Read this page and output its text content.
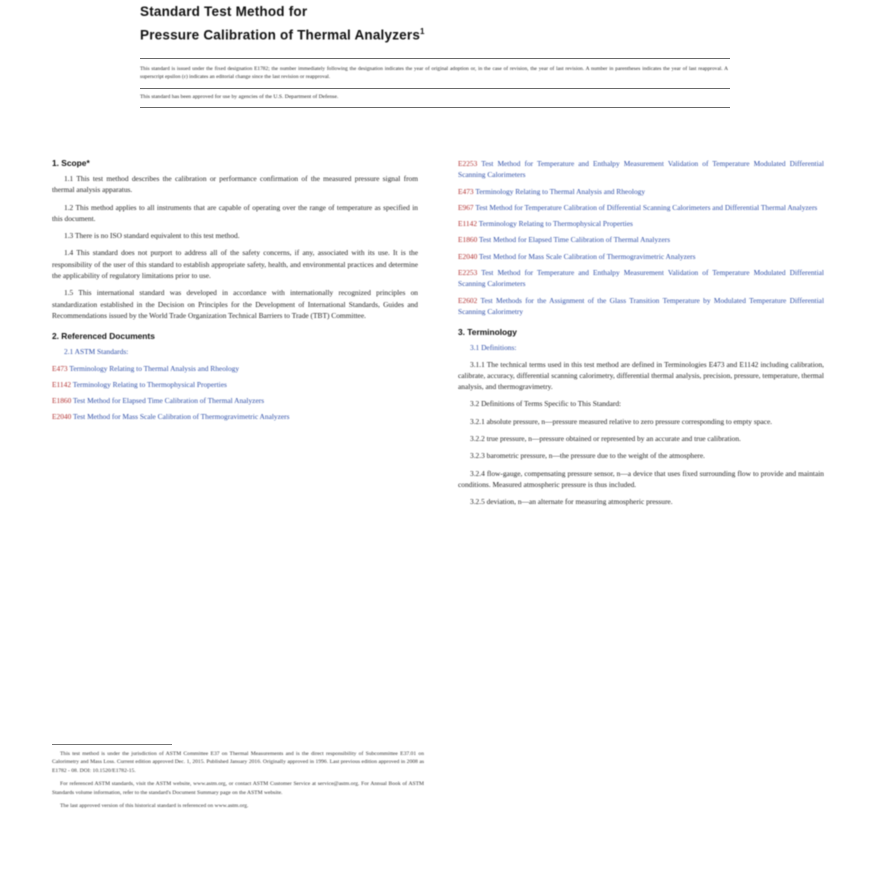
Standard Test Method for
Pressure Calibration of Thermal Analyzers$^1$
This standard is issued under the fixed designation E1782; the number immediately following the designation indicates the year of original adoption or, in the case of revision, the year of last revision. A number in parentheses indicates the year of last reapproval. A superscript epsilon (ε) indicates an editorial change since the last revision or reapproval.
This standard has been approved for use by agencies of the U.S. Department of Defense.
1. Scope*

1.1 This test method describes the calibration or performance confirmation of the measured pressure signal from thermal analysis apparatus.

1.2 This method applies to all instruments that are capable of operating over the range of temperature as specified in this document.

1.3 There is no ISO standard equivalent to this test method.

1.4 This standard does not purport to address all of the safety concerns, if any, associated with its use. It is the responsibility of the user of this standard to establish appropriate safety, health, and environmental practices and determine the applicability of regulatory limitations prior to use.

1.5 This international standard was developed in accordance with internationally recognized principles on standardization established in the Decision on Principles for the Development of International Standards, Guides and Recommendations issued by the World Trade Organization Technical Barriers to Trade (TBT) Committee.

2. Referenced Documents

2.1 ASTM Standards:

E473 Terminology Relating to Thermal Analysis and Rheology

E1142 Terminology Relating to Thermophysical Properties

E1860 Test Method for Elapsed Time Calibration of Thermal Analyzers

E2040 Test Method for Mass Scale Calibration of Thermogravimetric Analyzers

E2253 Test Method for Temperature and Enthalpy Measurement Validation of Temperature Modulated Differential Scanning Calorimeters

E473 Terminology Relating to Thermal Analysis and Rheology

E967 Test Method for Temperature Calibration of Differential Scanning Calorimeters and Differential Thermal Analyzers

E1142 Terminology Relating to Thermophysical Properties

E1860 Test Method for Elapsed Time Calibration of Thermal Analyzers

E2040 Test Method for Mass Scale Calibration of Thermogravimetric Analyzers

E2253 Test Method for Temperature and Enthalpy Measurement Validation of Temperature Modulated Differential Scanning Calorimeters

E2602 Test Methods for the Assignment of the Glass Transition Temperature by Modulated Temperature Differential Scanning Calorimetry

3. Terminology

3.1 Definitions:

3.1.1 The technical terms used in this test method are defined in Terminologies E473 and E1142 including calibration, calibrate, accuracy, differential scanning calorimetry, differential thermal analysis, precision, pressure, temperature, thermal analysis, and thermogravimetry.

3.2 Definitions of Terms Specific to This Standard:

3.2.1 absolute pressure, n—pressure measured relative to zero pressure corresponding to empty space.

3.2.2 true pressure, n—pressure obtained or represented by an accurate and true calibration.

3.2.3 barometric pressure, n—the pressure due to the weight of the atmosphere.

3.2.4 flow-gauge, compensating pressure sensor, n—a device that uses fixed surrounding flow to provide and maintain conditions. Measured atmospheric pressure is thus included.

3.2.5 deviation, n—an alternate for measuring atmospheric pressure.

This test method is under the jurisdiction of ASTM Committee E37 on Thermal Measurements and is the direct responsibility of Subcommittee E37.01 on Calorimetry and Mass Loss. Current edition approved Dec. 1, 2015. Published January 2016. Originally approved in 1996. Last previous edition approved in 2008 as E1782 - 08. DOI: 10.1520/E1782-15.

For referenced ASTM standards, visit the ASTM website, www.astm.org, or contact ASTM Customer Service at service@astm.org. For Annual Book of ASTM Standards volume information, refer to the standard's Document Summary page on the ASTM website.

The last approved version of this historical standard is referenced on www.astm.org.
